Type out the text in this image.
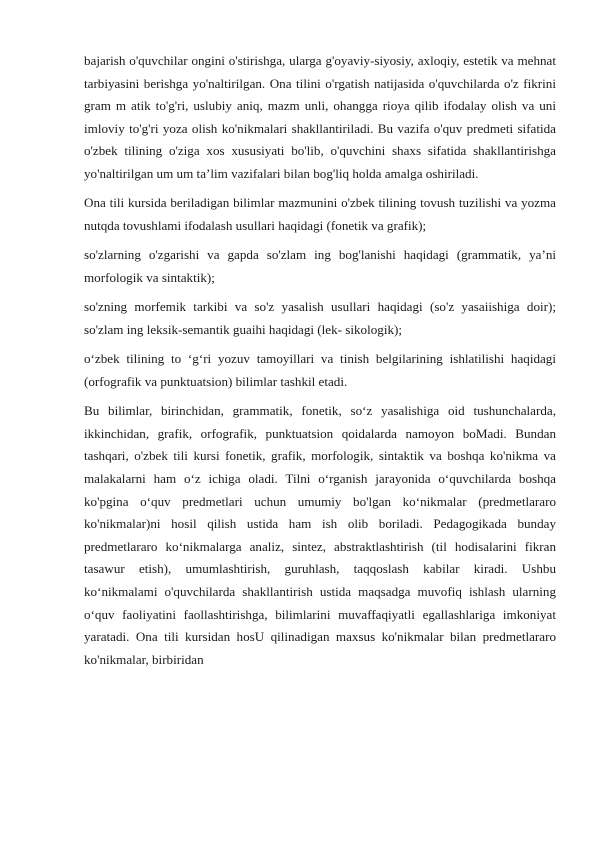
bajarish o'quvchilar ongini o'stirishga, ularga g'oyaviy-siyosiy, axloqiy, estetik va mehnat tarbiyasini berishga yo'naltirilgan. Ona tilini o'rgatish natijasida o'quvchilarda o'z fikrini gram m atik to'g'ri, uslubiy aniq, mazm unli, ohangga rioya qilib ifodalay olish va uni imloviy to'g'ri yoza olish ko'nikmalari shakllantiriladi. Bu vazifa o'quv predmeti sifatida o'zbek tilining o'ziga xos xususiyati bo'lib, o'quvchini shaxs sifatida shakllantirishga yo'naltirilgan um um ta’lim vazifalari bilan bog'liq holda amalga oshiriladi.

Ona tili kursida beriladigan bilimlar mazmunini o'zbek tilining tovush tuzilishi va yozma nutqda tovushlami ifodalash usullari haqidagi (fonetik va grafik);

so'zlarning o'zgarishi va gapda so'zlam ing bog'lanishi haqidagi (grammatik, ya’ni morfologik va sintaktik);

so'zning morfemik tarkibi va so'z yasalish usullari haqidagi (so'z yasaiishiga doir); so'zlam ing leksik-semantik guaihi haqidagi (lek- sikologik);

o‘zbek tilining to ‘g‘ri yozuv tamoyillari va tinish belgilarining ishlatilishi haqidagi (orfografik va punktuatsion) bilimlar tashkil etadi.

Bu bilimlar, birinchidan, grammatik, fonetik, so‘z yasalishiga oid tushunchalarda, ikkinchidan, grafik, orfografik, punktuatsion qoidalarda namoyon boMadi. Bundan tashqari, o'zbek tili kursi fonetik, grafik, morfologik, sintaktik va boshqa ko'nikma va malakalarni ham o‘z ichiga oladi. Tilni o‘rganish jarayonida o‘quvchilarda boshqa ko'pgina o‘quv predmetlari uchun umumiy bo'lgan ko‘nikmalar (predmetlararo ko'nikmalar)ni hosil qilish ustida ham ish olib boriladi. Pedagogikada bunday predmetlararo ko‘nikmalarga analiz, sintez, abstraktlashtirish (til hodisalarini fikran tasawur etish), umumlashtirish, guruhlash, taqqoslash kabilar kiradi. Ushbu ko‘nikmalami o'quvchilarda shakllantirish ustida maqsadga muvofiq ishlash ularning o‘quv faoliyatini faollashtirishga, bilimlarini muvaffaqiyatli egallashlariga imkoniyat yaratadi. Ona tili kursidan hosU qilinadigan maxsus ko'nikmalar bilan predmetlararo ko'nikmalar, birbiridan
